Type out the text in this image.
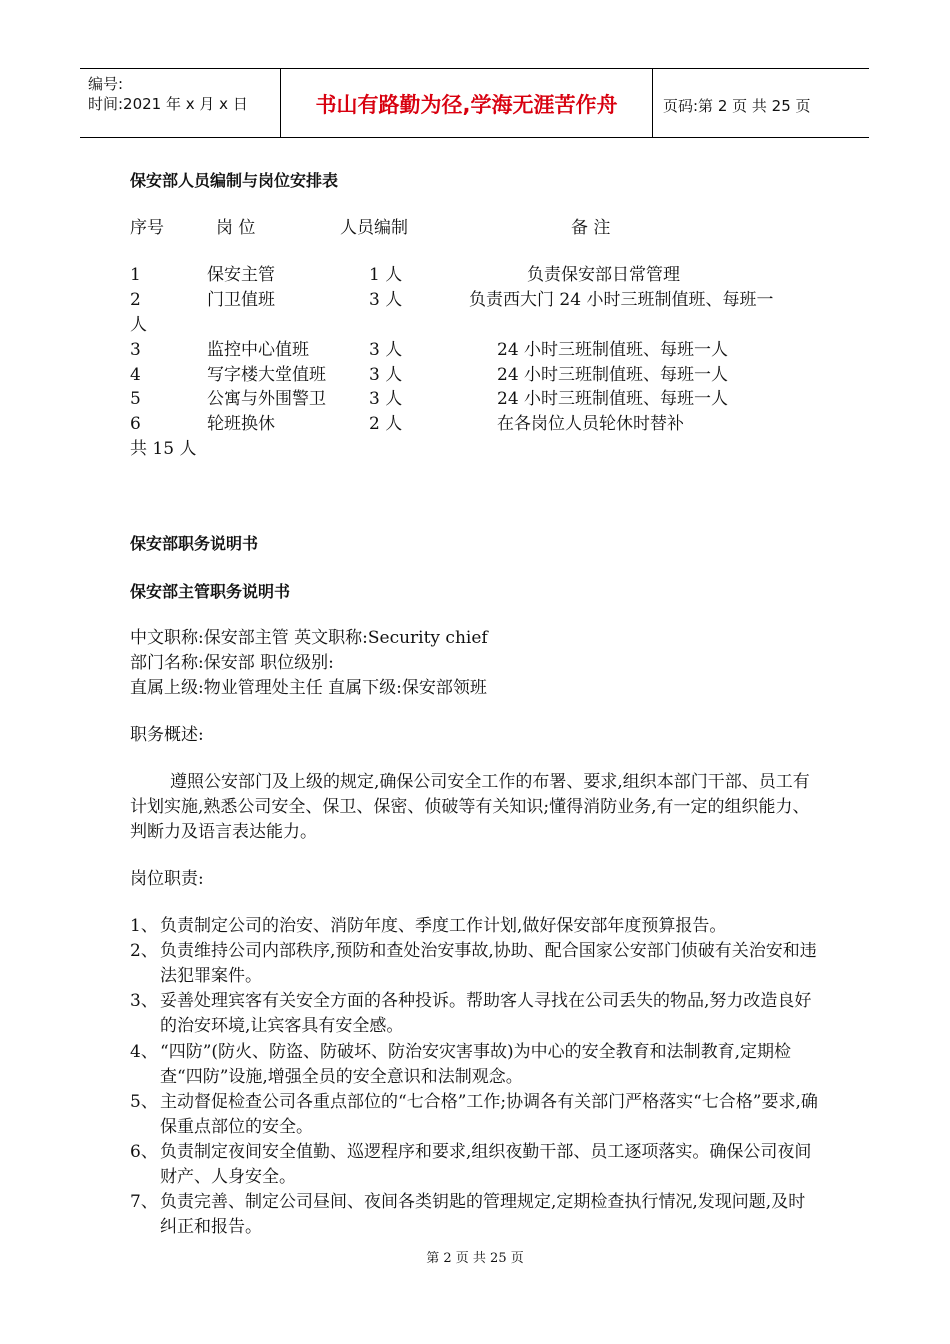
编号:
时间:2021 年 x 月 x 日	书山有路勤为径,学海无涯苦作舟	页码:第 2 页 共 25 页
保安部人员编制与岗位安排表
序号	岗 位	人员编制	备 注
1	保安主管	1 人	负责保安部日常管理
2	门卫值班	3 人	负责西大门 24 小时三班制值班、每班一
人
3	监控中心值班	3 人	24 小时三班制值班、每班一人
4	写字楼大堂值班	3 人	24 小时三班制值班、每班一人
5	公寓与外围警卫	3 人	24 小时三班制值班、每班一人
6	轮班换休	2 人	在各岗位人员轮休时替补
共 15 人
保安部职务说明书
保安部主管职务说明书
中文职称:保安部主管 英文职称:Security chief
部门名称:保安部 职位级别:
直属上级:物业管理处主任 直属下级:保安部领班
职务概述:
遵照公安部门及上级的规定,确保公司安全工作的布署、要求,组织本部门干部、员工有计划实施,熟悉公司安全、保卫、保密、侦破等有关知识;懂得消防业务,有一定的组织能力、判断力及语言表达能力。
岗位职责:
1、 负责制定公司的治安、消防年度、季度工作计划,做好保安部年度预算报告。
2、 负责维持公司内部秩序,预防和查处治安事故,协助、配合国家公安部门侦破有关治安和违法犯罪案件。
3、 妥善处理宾客有关安全方面的各种投诉。帮助客人寻找在公司丢失的物品,努力改造良好的治安环境,让宾客具有安全感。
4、 “四防”(防火、防盗、防破坏、防治安灾害事故)为中心的安全教育和法制教育,定期检查“四防”设施,增强全员的安全意识和法制观念。
5、 主动督促检查公司各重点部位的“七合格”工作;协调各有关部门严格落实“七合格”要求,确保重点部位的安全。
6、 负责制定夜间安全值勤、巡逻程序和要求,组织夜勤干部、员工逐项落实。确保公司夜间财产、人身安全。
7、 负责完善、制定公司昼间、夜间各类钥匙的管理规定,定期检查执行情况,发现问题,及时纠正和报告。
第 2 页 共 25 页
